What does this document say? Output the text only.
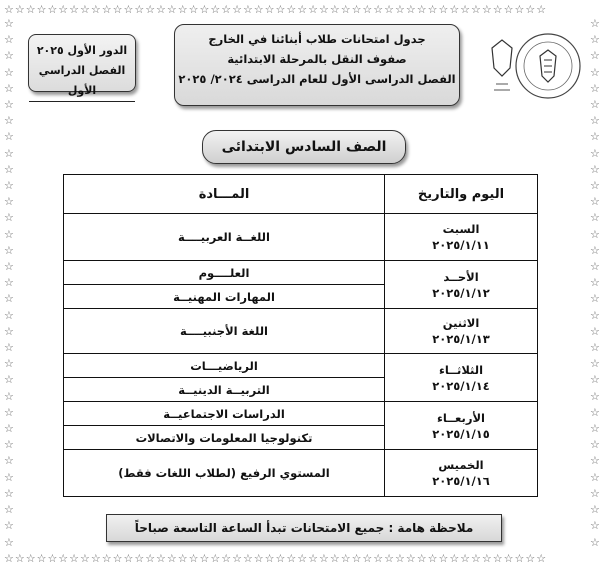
☆☆☆☆☆☆☆☆☆☆☆☆☆☆☆☆☆☆☆☆☆☆☆☆☆☆☆☆☆☆☆☆☆☆☆☆☆☆☆☆☆☆☆☆☆☆☆☆☆☆
☆☆☆☆☆☆☆☆☆☆☆☆☆☆☆☆☆☆☆☆☆☆☆☆☆☆☆☆☆☆☆☆☆☆☆☆☆☆☆☆☆☆☆☆☆☆☆☆☆☆
☆☆☆☆☆☆☆☆☆☆☆☆☆☆☆☆☆☆☆☆☆☆☆☆☆☆☆☆☆☆☆☆☆
☆☆☆☆☆☆☆☆☆☆☆☆☆☆☆☆☆☆☆☆☆☆☆☆☆☆☆☆☆☆☆☆☆
جدول امتحانات طلاب أبنائنا في الخارج
صفوف النقل بالمرحلة الابتدائية
الفصل الدراسى الأول للعام الدراسى ٢٠٢٤/ ٢٠٢٥
الدور الأول ٢٠٢٥
الفصل الدراسي الأول
الصف السادس الابتدائى
اليوم والتاريخ	المـــادة

السبت
٢٠٢٥/١/١١	اللغــة العربيــــة

الأحــد
٢٠٢٥/١/١٢	العلــــوم
	المهارات المهنيــة

الاثنين
٢٠٢٥/١/١٣	اللغة الأجنبيــــة

الثلاثــاء
٢٠٢٥/١/١٤	الرياضيـــات
	التربيــة الدينيــة

الأربعــاء
٢٠٢٥/١/١٥	الدراسات الاجتماعيــة
	تكنولوجيا المعلومات والاتصالات

الخميس
٢٠٢٥/١/١٦	المستوي الرفيع (لطلاب اللغات فقط)
ملاحظة هامة : جميع الامتحانات تبدأ الساعة التاسعة صباحاً
